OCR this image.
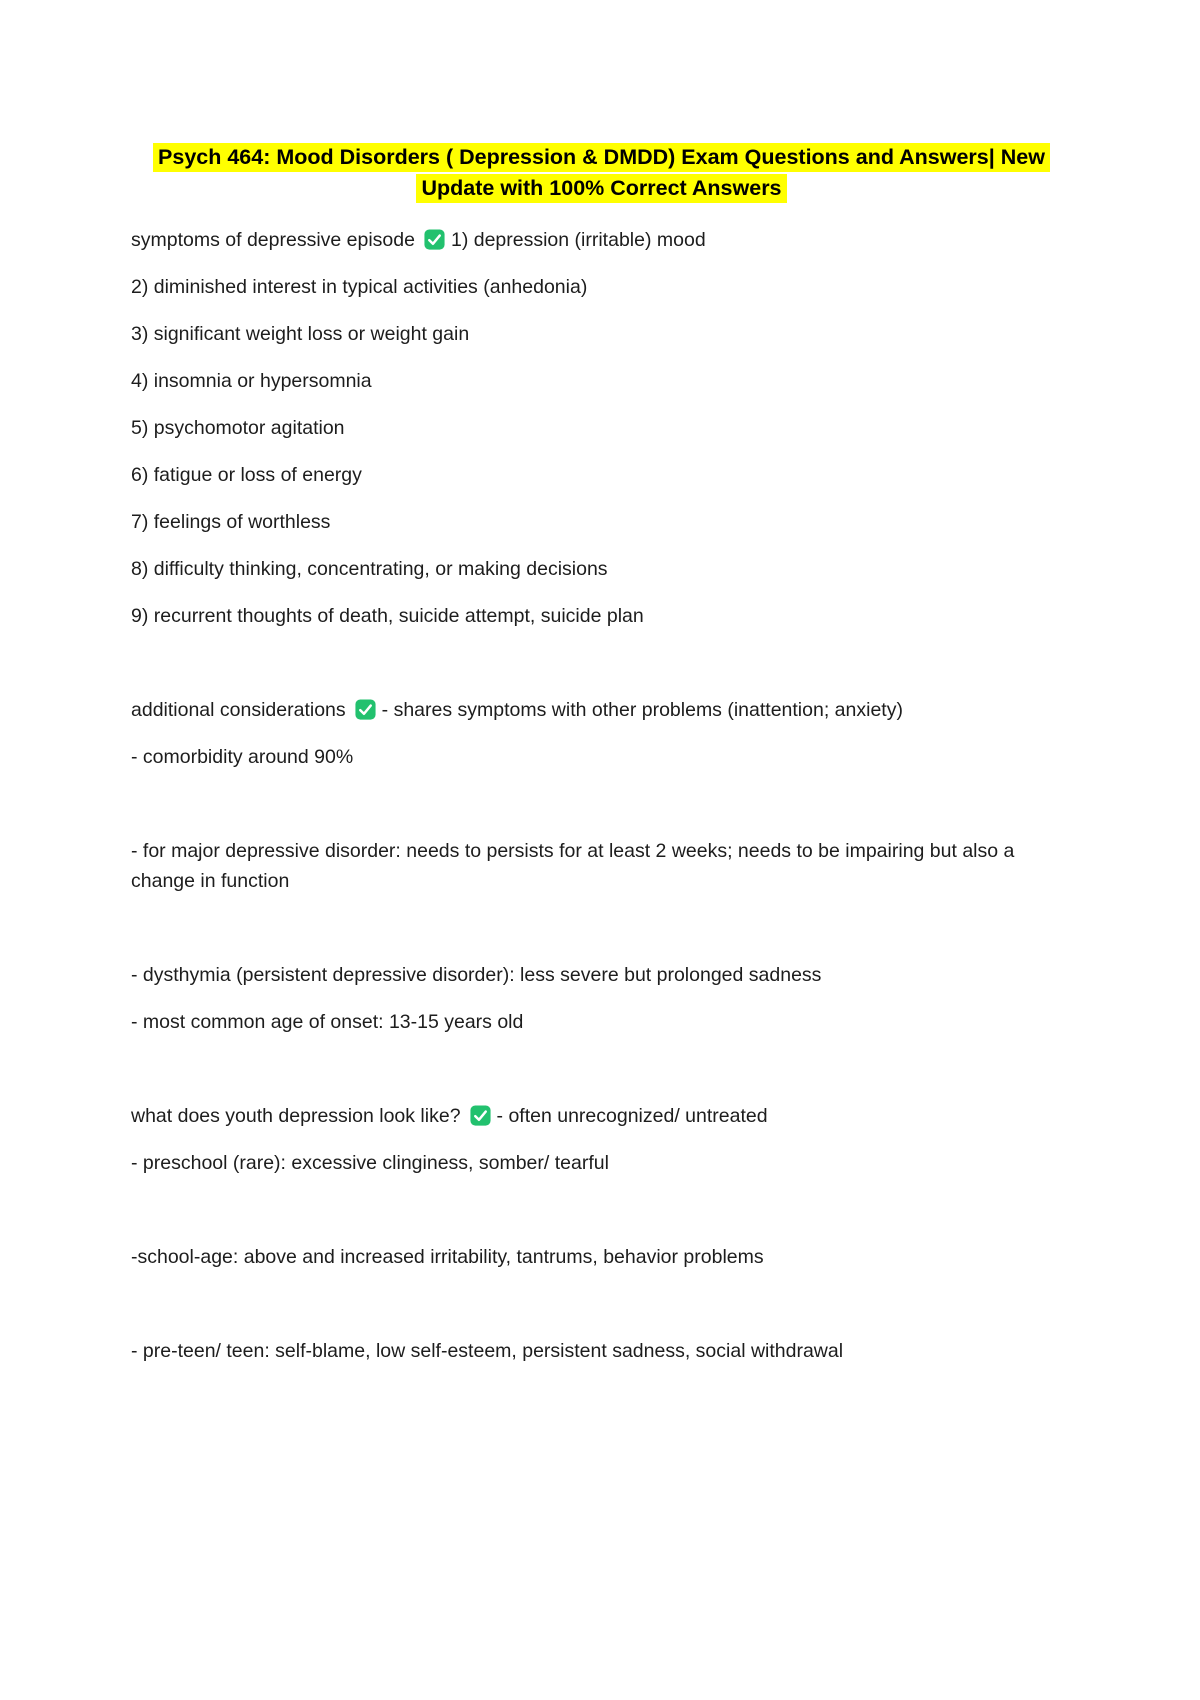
Psych 464: Mood Disorders ( Depression & DMDD) Exam Questions and Answers| New
Update with 100% Correct Answers

symptoms of depressive episode 1) depression (irritable) mood

2) diminished interest in typical activities (anhedonia)

3) significant weight loss or weight gain

4) insomnia or hypersomnia

5) psychomotor agitation

6) fatigue or loss of energy

7) feelings of worthless

8) difficulty thinking, concentrating, or making decisions

9) recurrent thoughts of death, suicide attempt, suicide plan

additional considerations - shares symptoms with other problems (inattention; anxiety)

- comorbidity around 90%

- for major depressive disorder: needs to persists for at least 2 weeks; needs to be impairing but also a change in function

- dysthymia (persistent depressive disorder): less severe but prolonged sadness

- most common age of onset: 13-15 years old

what does youth depression look like? - often unrecognized/ untreated

- preschool (rare): excessive clinginess, somber/ tearful

-school-age: above and increased irritability, tantrums, behavior problems

- pre-teen/ teen: self-blame, low self-esteem, persistent sadness, social withdrawal
